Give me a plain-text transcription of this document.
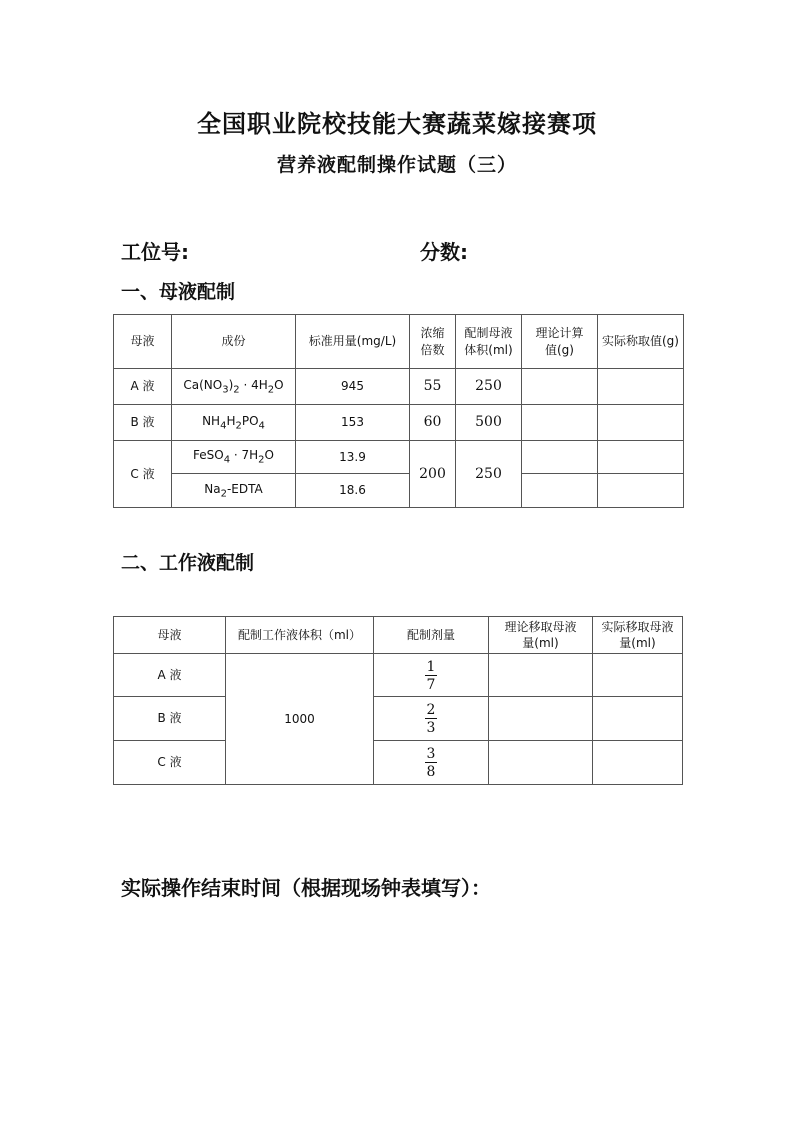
全国职业院校技能大赛蔬菜嫁接赛项
营养液配制操作试题（三）
工位号:	分数:
一、母液配制
母液	成份	标准用量(mg/L)	浓缩倍数	配制母液体积(ml)	理论计算值(g)	实际称取值(g)
A 液	$Ca(NO_3)_2 \cdot 4H_2O$	945	55	250		
B 液	$NH_4H_2PO_4$	153	60	500		
C 液	FeSO$_4$ · $7H_2O$	13.9	200	250		
	$Na_2$-EDTA	18.6				
二、工作液配制
母液	配制工作液体积（ml）	配制剂量	理论移取母液量(ml)	实际移取母液量(ml)
A 液	1000	$\frac{1}{7}$

B 液		$\frac{2}{3}$

C 液		$\frac{3}{8}$

实际操作结束时间（根据现场钟表填写）：
